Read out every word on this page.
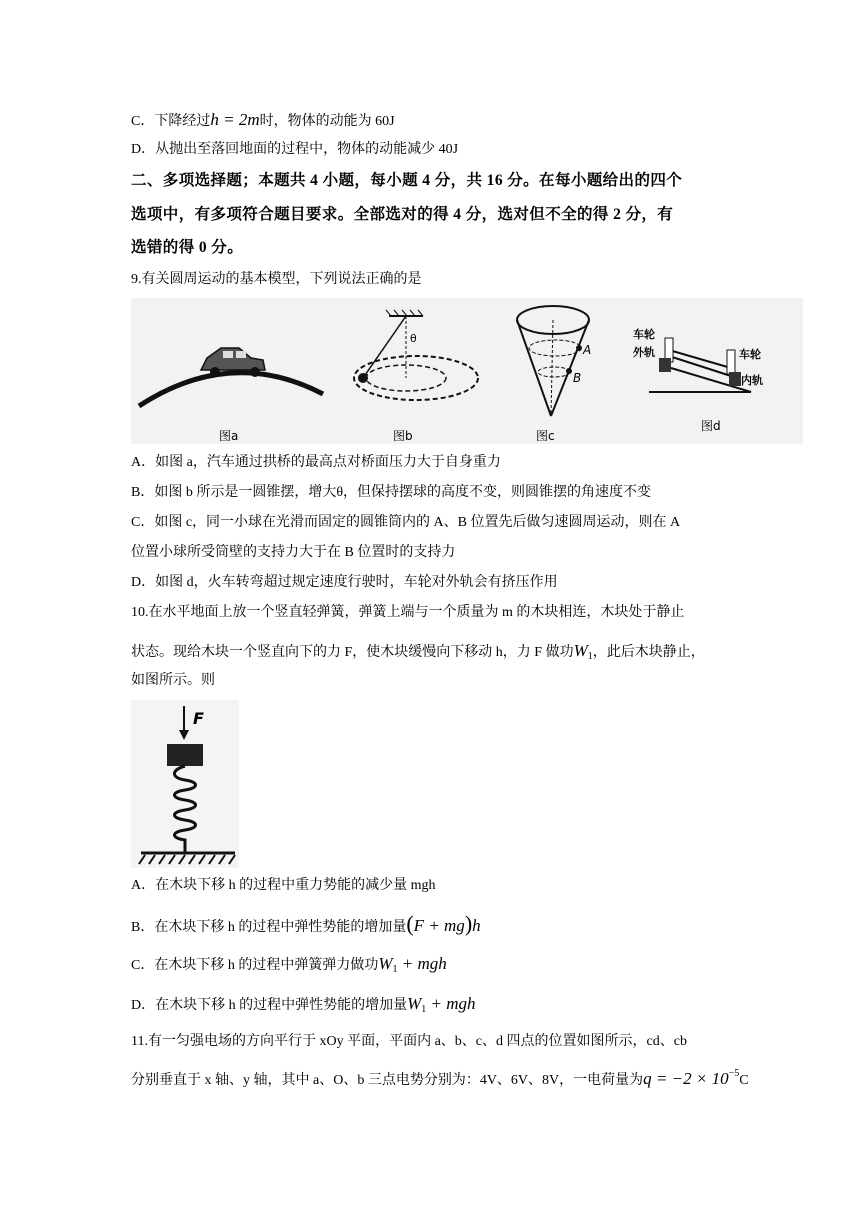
C．下降经过h = 2m时，物体的动能为 60J
D．从抛出至落回地面的过程中，物体的动能减少 40J
二、多项选择题；本题共 4 小题，每小题 4 分，共 16 分。在每小题给出的四个
选项中，有多项符合题目要求。全部选对的得 4 分，选对但不全的得 2 分，有
选错的得 0 分。
9.有关圆周运动的基本模型，下列说法正确的是
图a
θ
图b
A
B
图c
车轮
外轨	车轮
内轨
图d
A．如图 a，汽车通过拱桥的最高点对桥面压力大于自身重力
B．如图 b 所示是一圆锥摆，增大θ，但保持摆球的高度不变，则圆锥摆的角速度不变
C．如图 c，同一小球在光滑而固定的圆锥筒内的 A、B 位置先后做匀速圆周运动，则在 A
位置小球所受筒壁的支持力大于在 B 位置时的支持力
D．如图 d，火车转弯超过规定速度行驶时，车轮对外轨会有挤压作用
10.在水平地面上放一个竖直轻弹簧，弹簧上端与一个质量为 m 的木块相连，木块处于静止
状态。现给木块一个竖直向下的力 F，使木块缓慢向下移动 h，力 F 做功$W_1$，此后木块静止，
如图所示。则
F
A．在木块下移 h 的过程中重力势能的减少量 mgh
B．在木块下移 h 的过程中弹性势能的增加量(F + mg)h
C．在木块下移 h 的过程中弹簧弹力做功$W_1$ + mgh
D．在木块下移 h 的过程中弹性势能的增加量$W_1$ + mgh
11.有一匀强电场的方向平行于 xOy 平面，平面内 a、b、c、d 四点的位置如图所示，cd、cb
分别垂直于 x 轴、y 轴，其中 a、O、b 三点电势分别为：4V、6V、8V，一电荷量为$q = -2 \times 10^{-5}C$
